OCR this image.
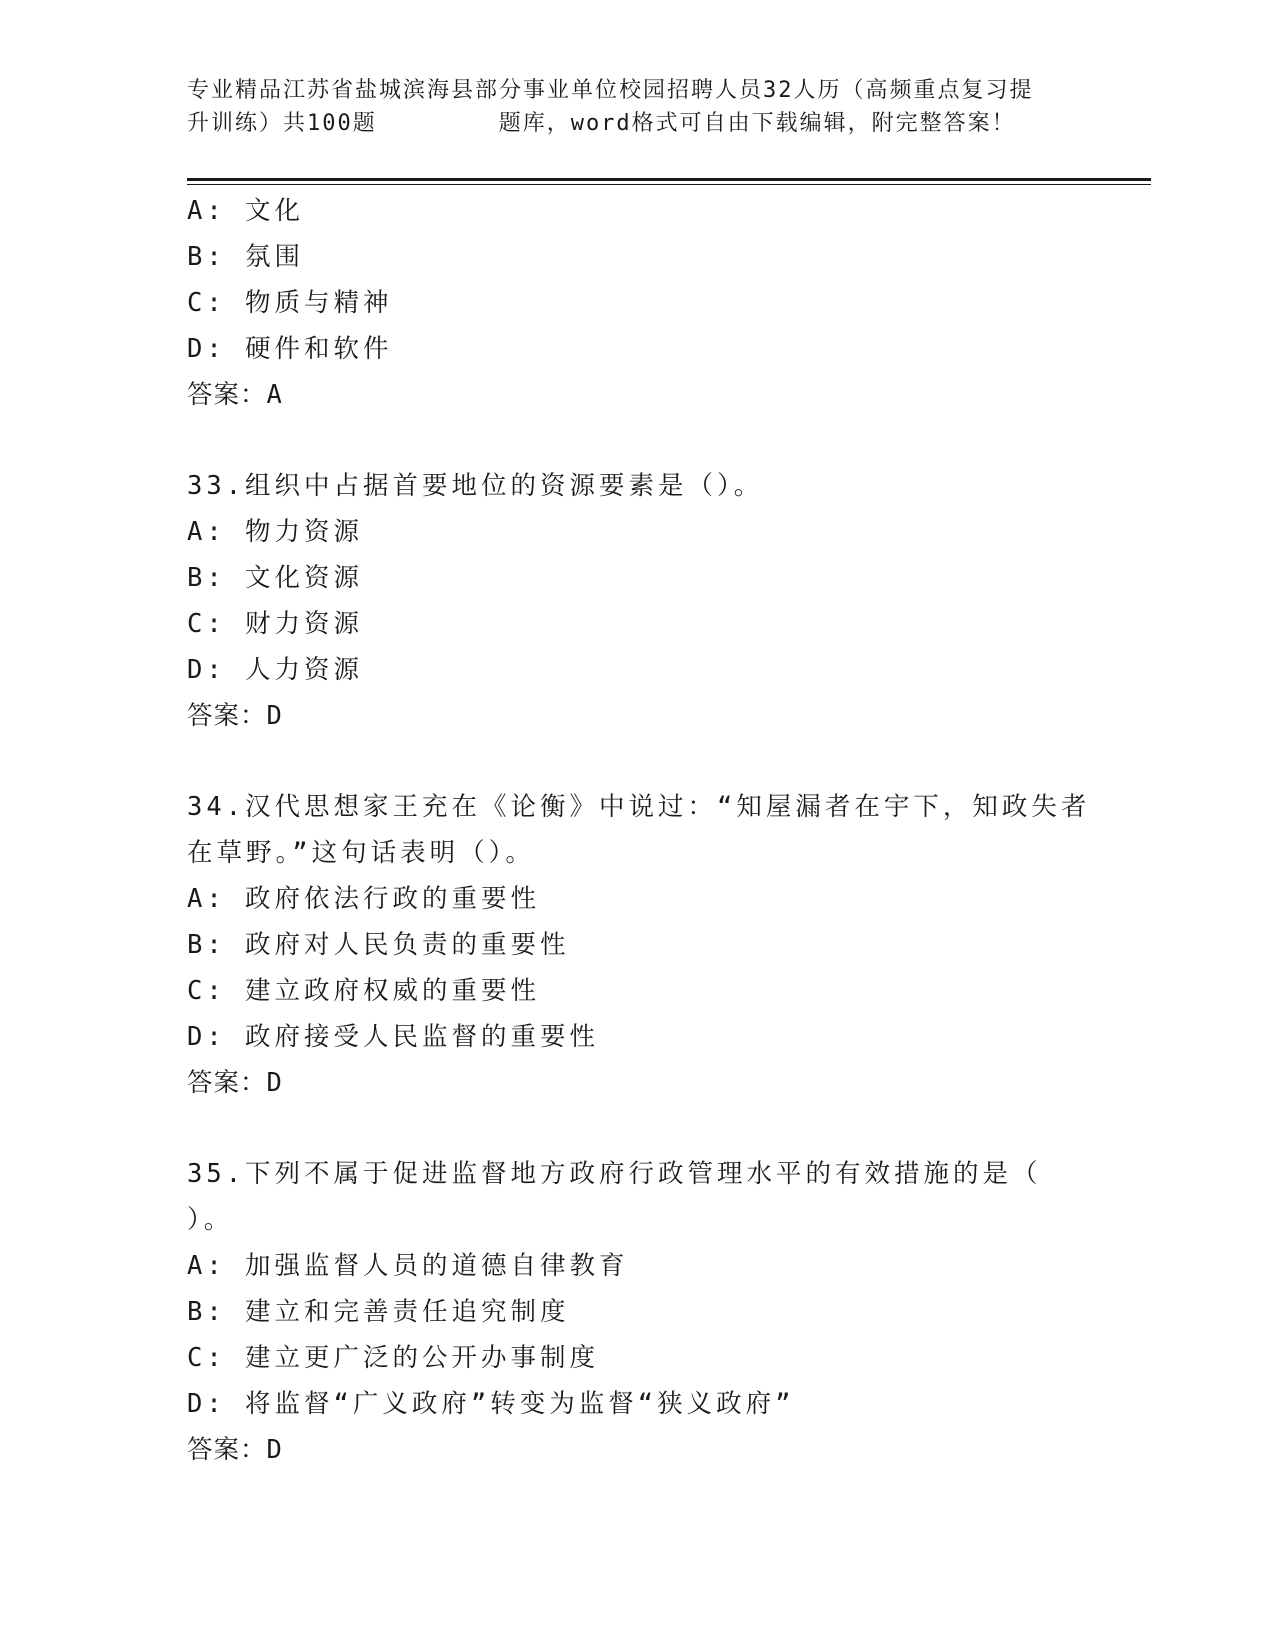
专业精品江苏省盐城滨海县部分事业单位校园招聘人员32人历（高频重点复习提
升训练）共100题        题库，word格式可自由下载编辑，附完整答案！
A: 文化
B: 氛围
C: 物质与精神
D: 硬件和软件
答案：A
33.组织中占据首要地位的资源要素是（）。
A: 物力资源
B: 文化资源
C: 财力资源
D: 人力资源
答案：D
34.汉代思想家王充在《论衡》中说过：“知屋漏者在宇下，知政失者
在草野。”这句话表明（）。
A: 政府依法行政的重要性
B: 政府对人民负责的重要性
C: 建立政府权威的重要性
D: 政府接受人民监督的重要性
答案：D
35.下列不属于促进监督地方政府行政管理水平的有效措施的是（
）。
A: 加强监督人员的道德自律教育
B: 建立和完善责任追究制度
C: 建立更广泛的公开办事制度
D: 将监督“广义政府”转变为监督“狭义政府”
答案：D
